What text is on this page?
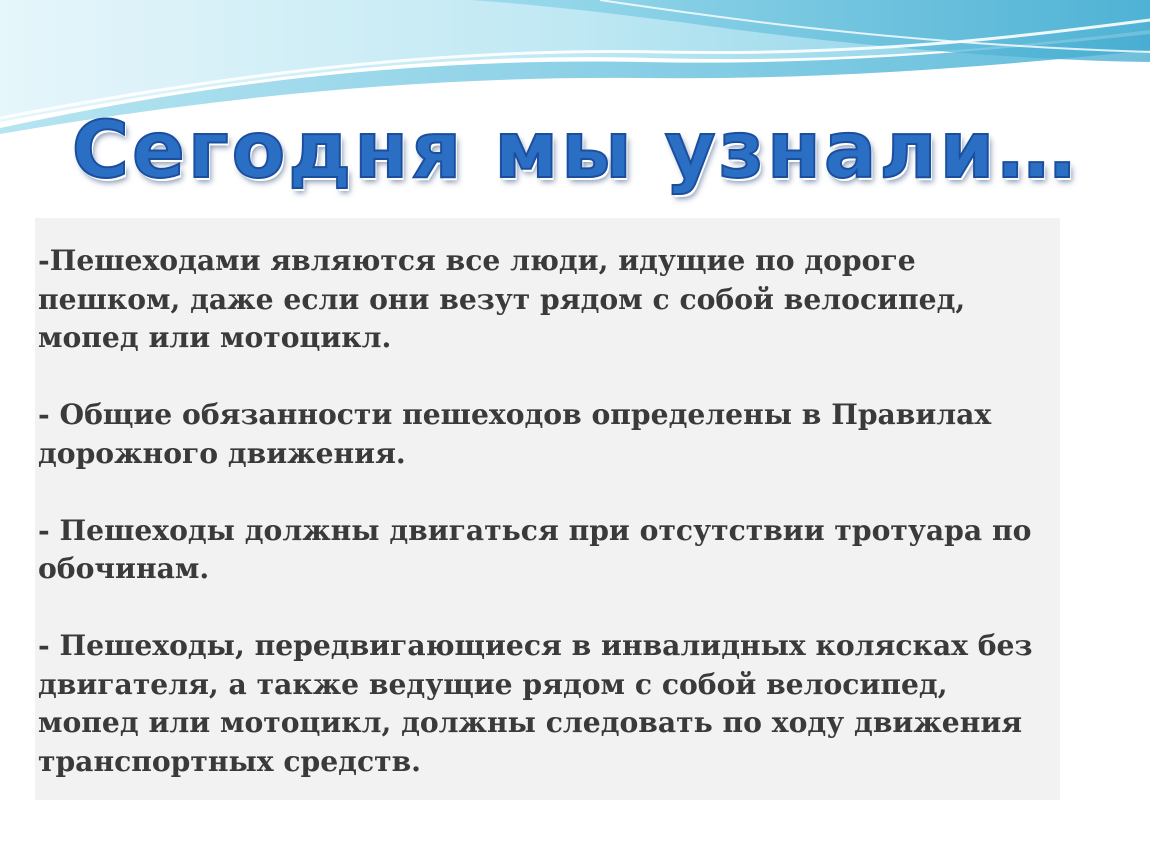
Сегодня мы узнали…

-Пешеходами являются все люди, идущие по дороге пешком, даже если они везут рядом с собой велосипед, мопед или мотоцикл.

- Общие обязанности пешеходов определены в Правилах дорожного движения.

- Пешеходы должны двигаться при отсутствии тротуара по обочинам.

- Пешеходы, передвигающиеся в инвалидных колясках без двигателя, а также ведущие рядом с собой велосипед, мопед или мотоцикл, должны следовать по ходу движения транспортных средств.
